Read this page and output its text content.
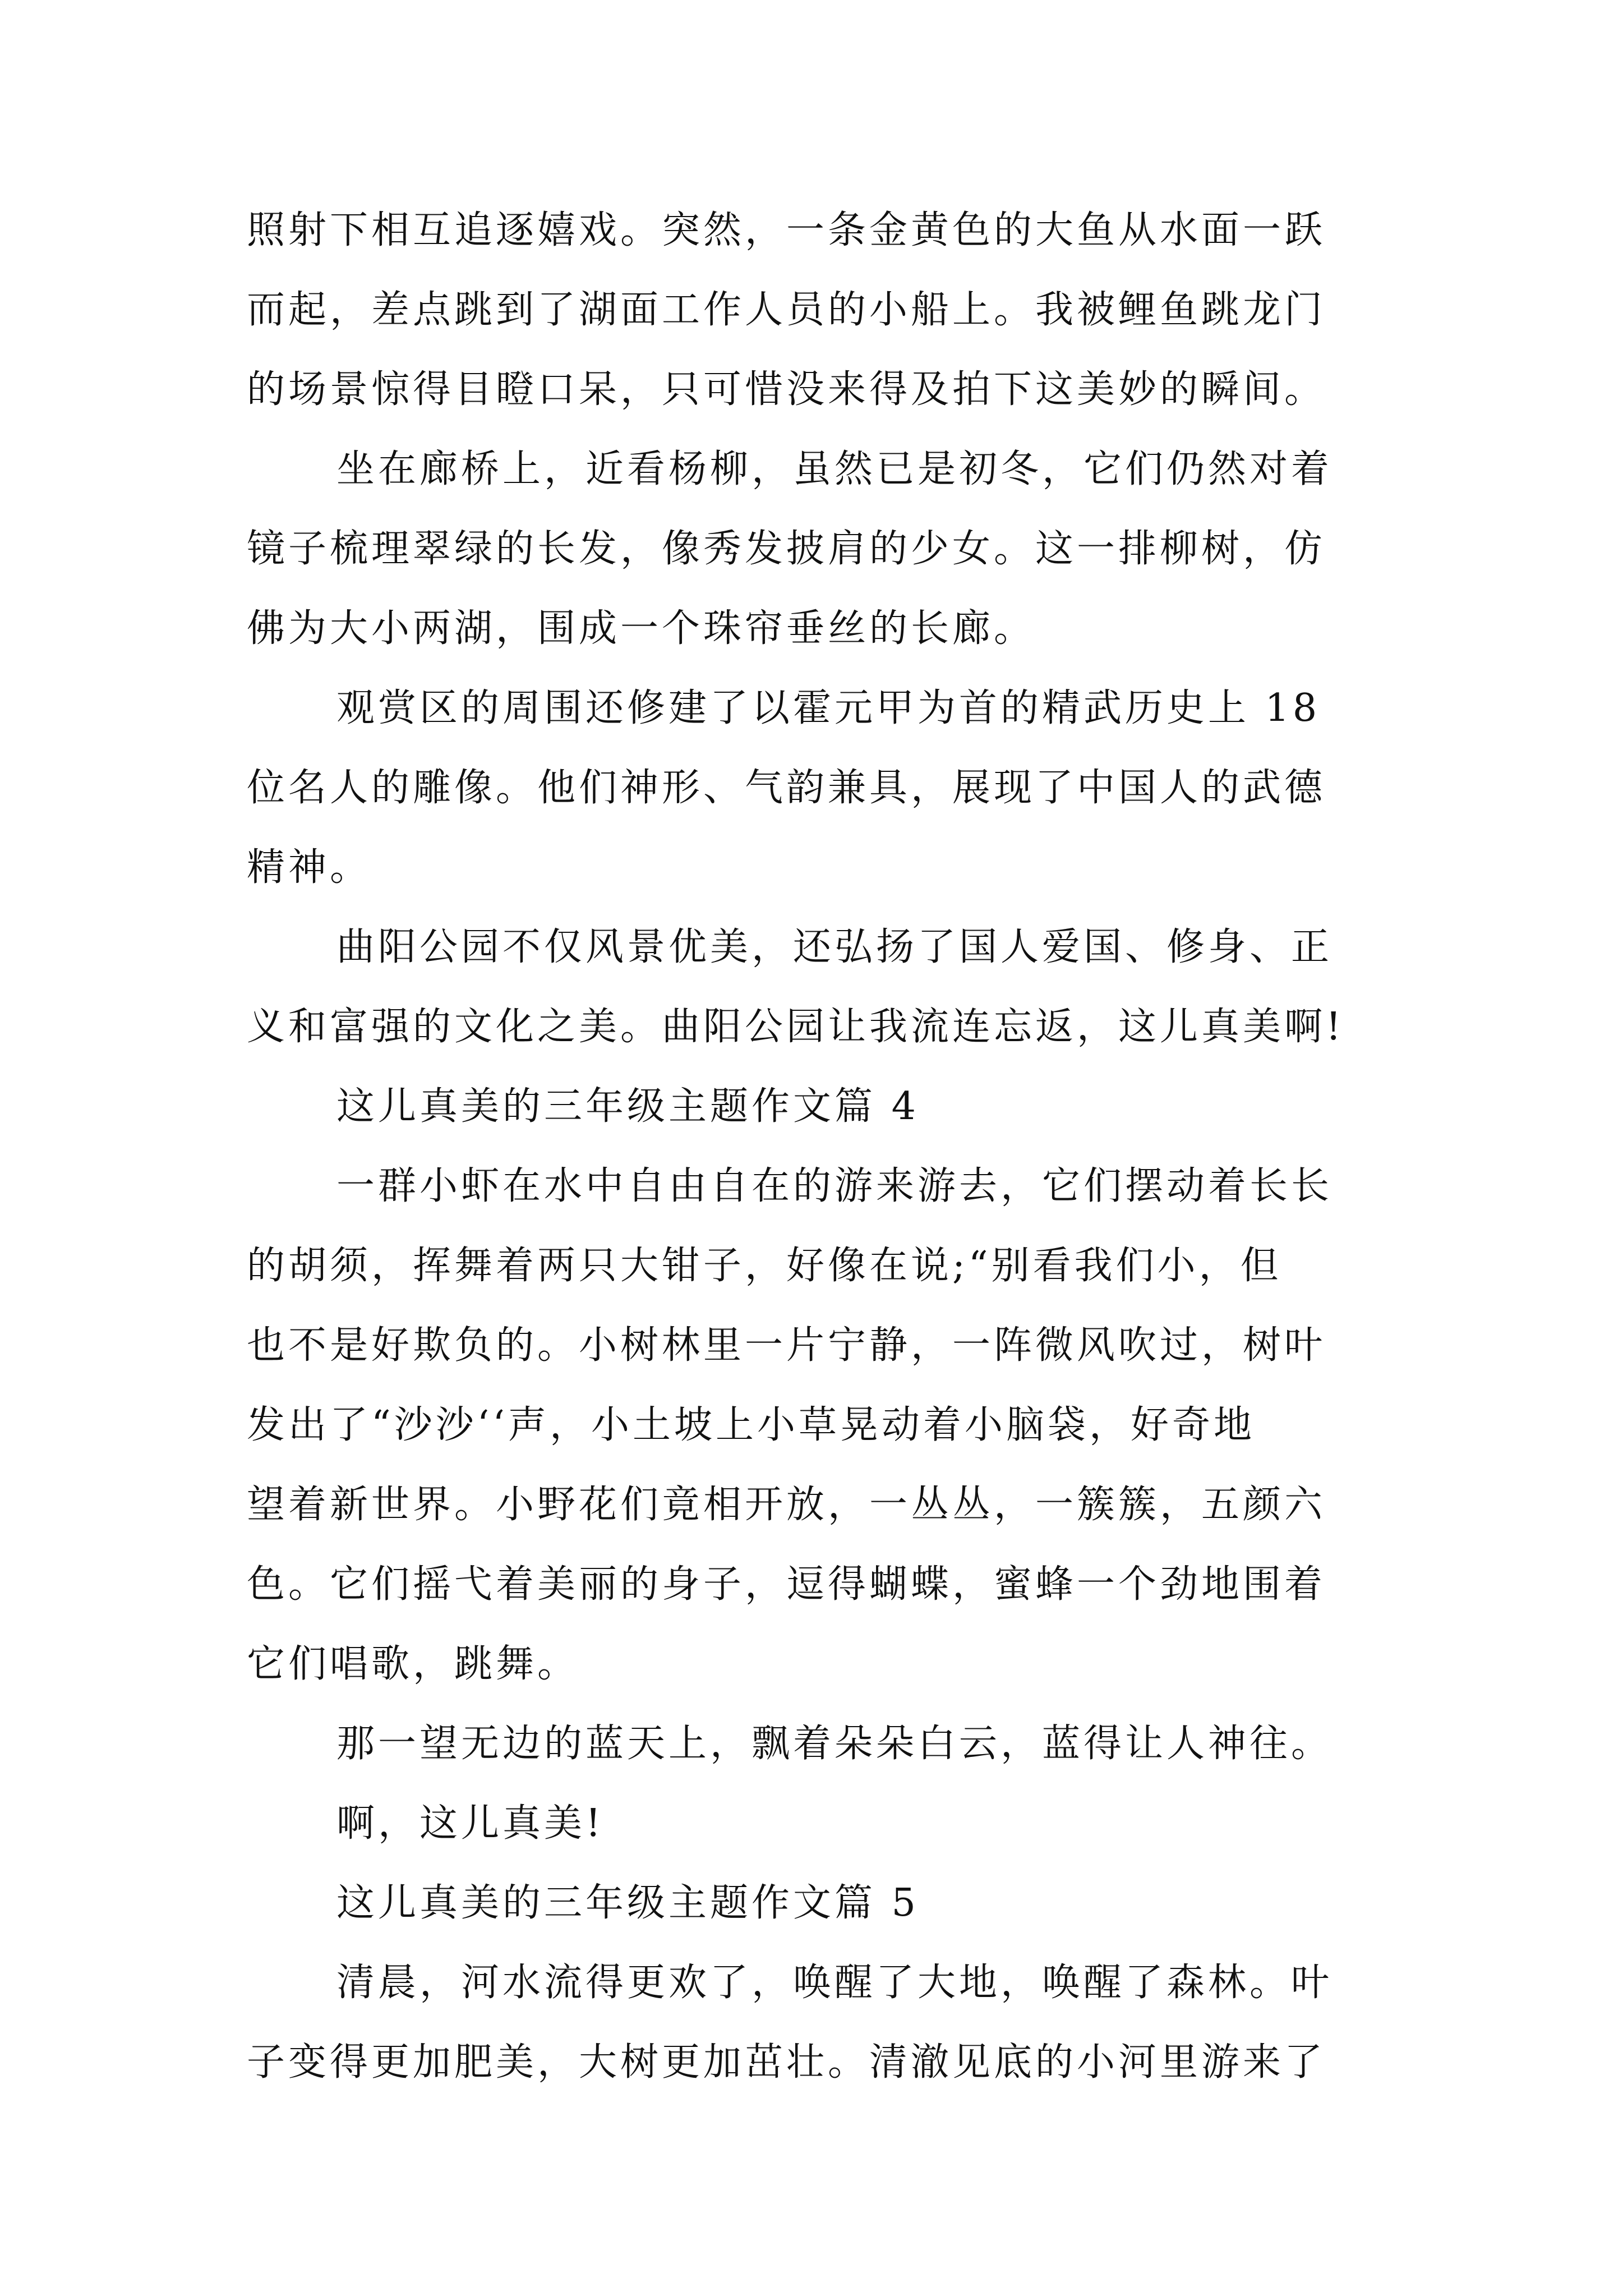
照射下相互追逐嬉戏。突然，一条金黄色的大鱼从水面一跃
而起，差点跳到了湖面工作人员的小船上。我被鲤鱼跳龙门
的场景惊得目瞪口呆，只可惜没来得及拍下这美妙的瞬间。
坐在廊桥上，近看杨柳，虽然已是初冬，它们仍然对着
镜子梳理翠绿的长发，像秀发披肩的少女。这一排柳树，仿
佛为大小两湖，围成一个珠帘垂丝的长廊。
观赏区的周围还修建了以霍元甲为首的精武历史上 18
位名人的雕像。他们神形、气韵兼具，展现了中国人的武德
精神。
曲阳公园不仅风景优美，还弘扬了国人爱国、修身、正
义和富强的文化之美。曲阳公园让我流连忘返，这儿真美啊!
这儿真美的三年级主题作文篇 4
一群小虾在水中自由自在的游来游去，它们摆动着长长
的胡须，挥舞着两只大钳子，好像在说;“别看我们小，但
也不是好欺负的。小树林里一片宁静，一阵微风吹过，树叶
发出了“沙沙‘‘声，小土坡上小草晃动着小脑袋，好奇地
望着新世界。小野花们竟相开放，一丛丛，一簇簇，五颜六
色。它们摇弋着美丽的身子，逗得蝴蝶，蜜蜂一个劲地围着
它们唱歌，跳舞。
那一望无边的蓝天上，飘着朵朵白云，蓝得让人神往。
啊，这儿真美!
这儿真美的三年级主题作文篇 5
清晨，河水流得更欢了，唤醒了大地，唤醒了森林。叶
子变得更加肥美，大树更加茁壮。清澈见底的小河里游来了
